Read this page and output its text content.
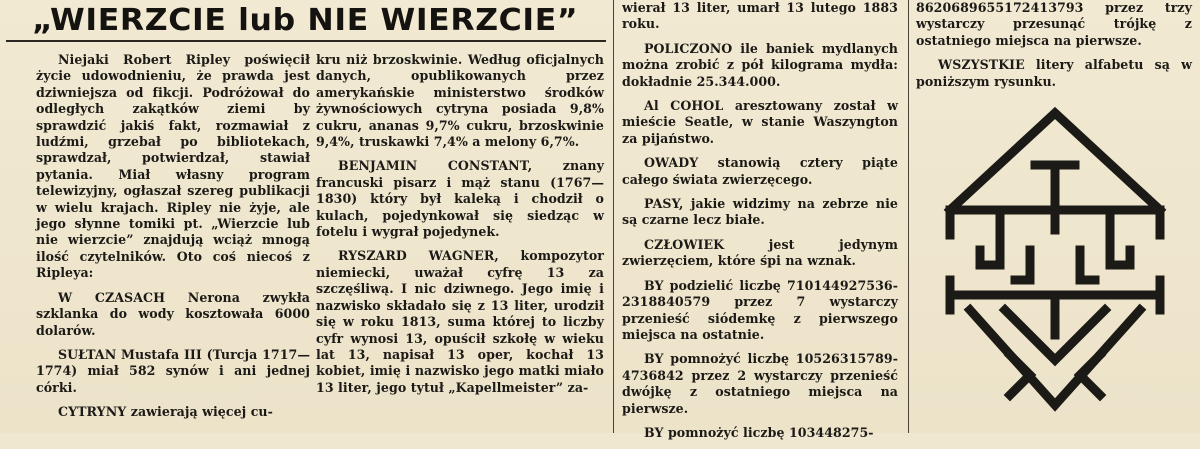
„WIERZCIE lub NIE WIERZCIE”

Niejaki Robert Ripley poświęcił życie udowodnieniu, że prawda jest dziwniejsza od fikcji. Podróżował do odległych zakątków ziemi by sprawdzić jakiś fakt, rozmawiał z ludźmi, grzebał po bibliotekach, sprawdzał, potwierdzał, stawiał pytania. Miał własny program telewizyjny, ogłaszał szereg publikacji w wielu krajach. Ripley nie żyje, ale jego słynne tomiki pt. „Wierzcie lub nie wierzcie” znajdują wciąż mnogą ilość czytelników. Oto coś niecoś z Ripleya:

W CZASACH Nerona zwykła szklanka do wody kosztowała 6000 dolarów.

SUŁTAN Mustafa III (Turcja 1717—1774) miał 582 synów i ani jednej córki.

CYTRYNY zawierają więcej cu-

kru niż brzoskwinie. Według oficjalnych danych, opublikowanych przez amerykańskie ministerstwo środków żywnościowych cytryna posiada 9,8% cukru, ananas 9,7% cukru, brzoskwinie 9,4%, truskawki 7,4% a melony 6,7%.

BENJAMIN CONSTANT, znany francuski pisarz i mąż stanu (1767—1830) który był kaleką i chodził o kulach, pojedynkował się siedząc w fotelu i wygrał pojedynek.

RYSZARD WAGNER, kompozytor niemiecki, uważał cyfrę 13 za szczęśliwą. I nic dziwnego. Jego imię i nazwisko składało się z 13 liter, urodził się w roku 1813, suma której to liczby cyfr wynosi 13, opuścił szkołę w wieku lat 13, napisał 13 oper, kochał 13 kobiet, imię i nazwisko jego matki miało 13 liter, jego tytuł „Kapellmeister” za-

wierał 13 liter, umarł 13 lutego 1883 roku.

POLICZONO ile baniek mydlanych można zrobić z pół kilograma mydła: dokładnie 25.344.000.

Al COHOL aresztowany został w mieście Seatle, w stanie Waszyngton za pijaństwo.

OWADY stanowią cztery piąte całego świata zwierzęcego.

PASY, jakie widzimy na zebrze nie są czarne lecz białe.

CZŁOWIEK jest jedynym zwierzęciem, które śpi na wznak.

BY podzielić liczbę 710144927536-2318840579 przez 7 wystarczy przenieść siódemkę z pierwszego miejsca na ostatnie.

BY pomnożyć liczbę 10526315789-4736842 przez 2 wystarczy przenieść dwójkę z ostatniego miejsca na pierwsze.

BY pomnożyć liczbę 103448275-

8620689655172413793 przez trzy wystarczy przesunąć trójkę z ostatniego miejsca na pierwsze.

WSZYSTKIE litery alfabetu są w poniższym rysunku.
